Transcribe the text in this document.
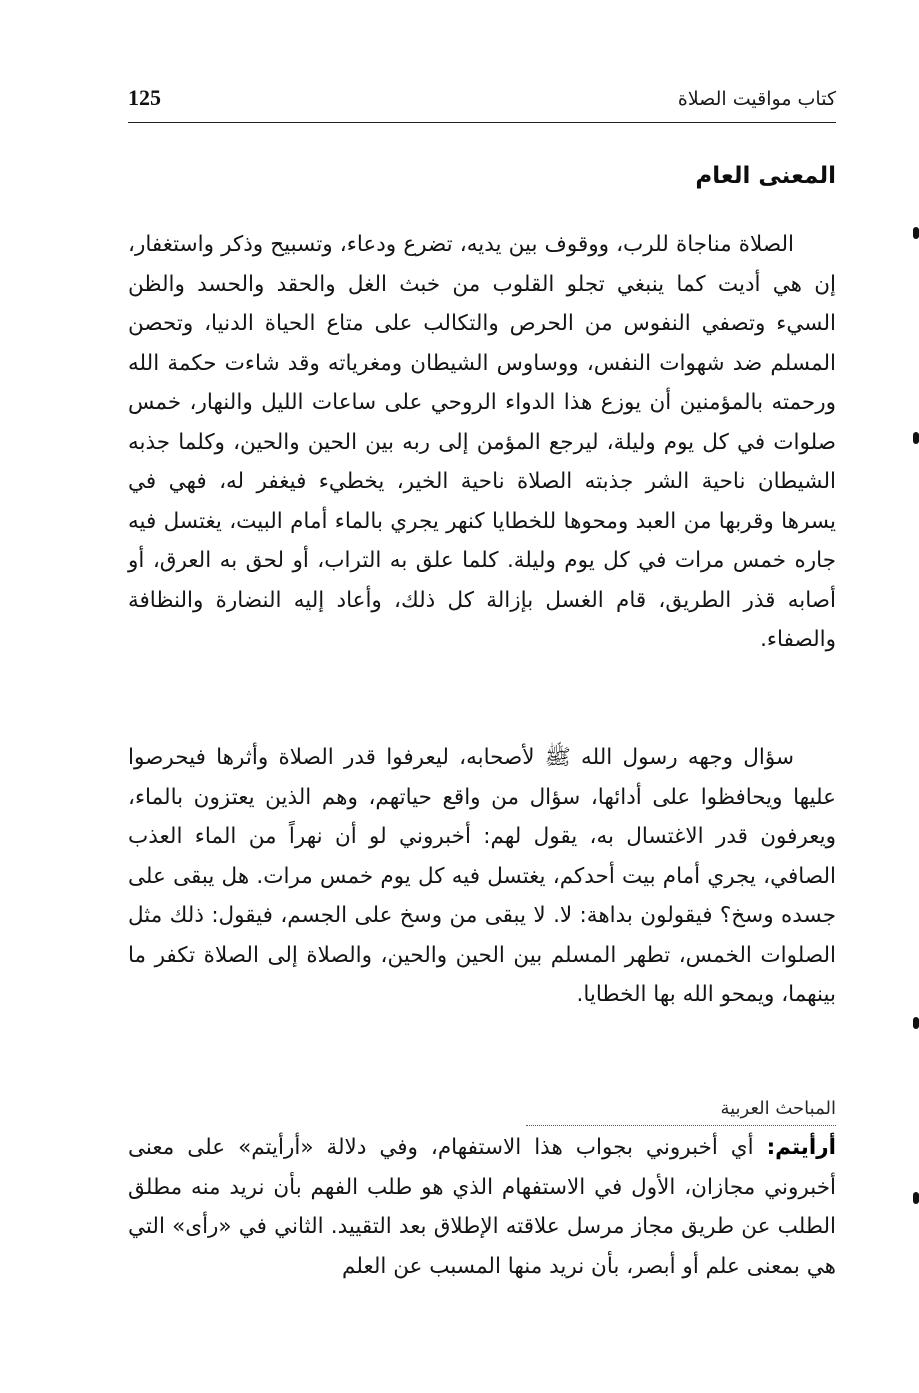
كتاب مواقيت الصلاة
125
المعنى العام

الصلاة مناجاة للرب، ووقوف بين يديه، تضرع ودعاء، وتسبيح وذكر واستغفار، إن هي أديت كما ينبغي تجلو القلوب من خبث الغل والحقد والحسد والظن السيء وتصفي النفوس من الحرص والتكالب على متاع الحياة الدنيا، وتحصن المسلم ضد شهوات النفس، ووساوس الشيطان ومغرياته وقد شاءت حكمة الله ورحمته بالمؤمنين أن يوزع هذا الدواء الروحي على ساعات الليل والنهار، خمس صلوات في كل يوم وليلة، ليرجع المؤمن إلى ربه بين الحين والحين، وكلما جذبه الشيطان ناحية الشر جذبته الصلاة ناحية الخير، يخطيء فيغفر له، فهي في يسرها وقربها من العبد ومحوها للخطايا كنهر يجري بالماء أمام البيت، يغتسل فيه جاره خمس مرات في كل يوم وليلة. كلما علق به التراب، أو لحق به العرق، أو أصابه قذر الطريق، قام الغسل بإزالة كل ذلك، وأعاد إليه النضارة والنظافة والصفاء.

سؤال وجهه رسول الله ﷺ لأصحابه، ليعرفوا قدر الصلاة وأثرها فيحرصوا عليها ويحافظوا على أدائها، سؤال من واقع حياتهم، وهم الذين يعتزون بالماء، ويعرفون قدر الاغتسال به، يقول لهم: أخبروني لو أن نهراً من الماء العذب الصافي، يجري أمام بيت أحدكم، يغتسل فيه كل يوم خمس مرات. هل يبقى على جسده وسخ؟ فيقولون بداهة: لا. لا يبقى من وسخ على الجسم، فيقول: ذلك مثل الصلوات الخمس، تطهر المسلم بين الحين والحين، والصلاة إلى الصلاة تكفر ما بينهما، ويمحو الله بها الخطايا.

المباحث العربية

أرأيتم: أي أخبروني بجواب هذا الاستفهام، وفي دلالة «أرأيتم» على معنى أخبروني مجازان، الأول في الاستفهام الذي هو طلب الفهم بأن نريد منه مطلق الطلب عن طريق مجاز مرسل علاقته الإطلاق بعد التقييد. الثاني في «رأى» التي هي بمعنى علم أو أبصر، بأن نريد منها المسبب عن العلم
